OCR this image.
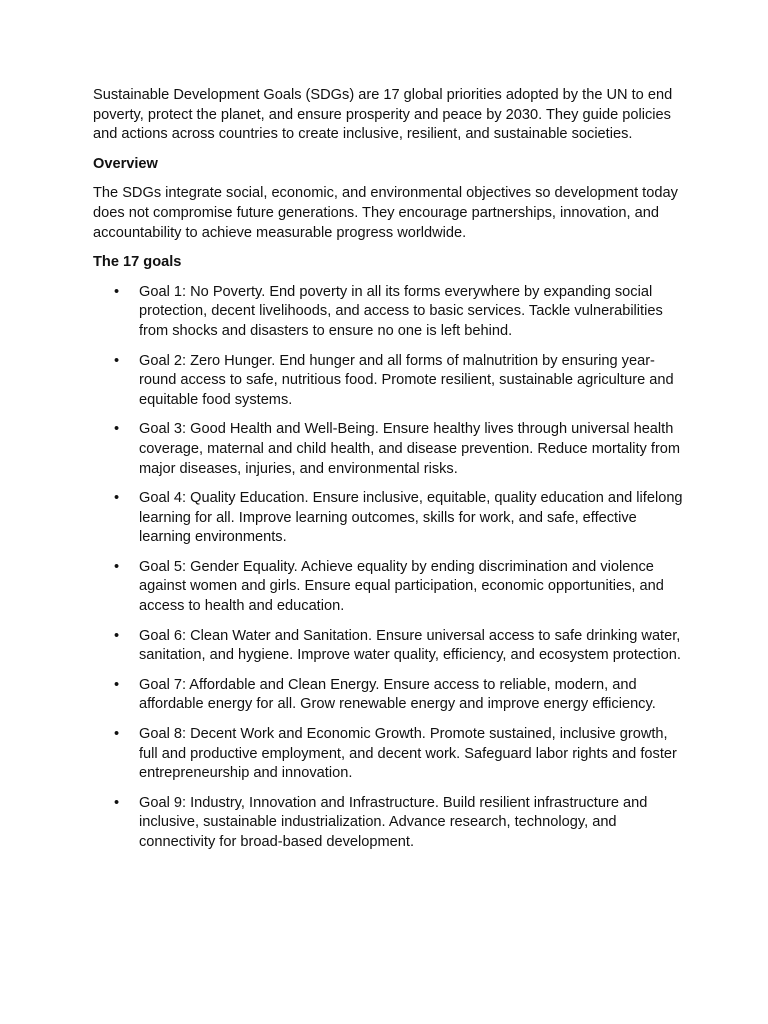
Sustainable Development Goals (SDGs) are 17 global priorities adopted by the UN to end poverty, protect the planet, and ensure prosperity and peace by 2030. They guide policies and actions across countries to create inclusive, resilient, and sustainable societies.

Overview

The SDGs integrate social, economic, and environmental objectives so development today does not compromise future generations. They encourage partnerships, innovation, and accountability to achieve measurable progress worldwide.

The 17 goals

• Goal 1: No Poverty. End poverty in all its forms everywhere by expanding social protection, decent livelihoods, and access to basic services. Tackle vulnerabilities from shocks and disasters to ensure no one is left behind.
• Goal 2: Zero Hunger. End hunger and all forms of malnutrition by ensuring year-round access to safe, nutritious food. Promote resilient, sustainable agriculture and equitable food systems.
• Goal 3: Good Health and Well-Being. Ensure healthy lives through universal health coverage, maternal and child health, and disease prevention. Reduce mortality from major diseases, injuries, and environmental risks.
• Goal 4: Quality Education. Ensure inclusive, equitable, quality education and lifelong learning for all. Improve learning outcomes, skills for work, and safe, effective learning environments.
• Goal 5: Gender Equality. Achieve equality by ending discrimination and violence against women and girls. Ensure equal participation, economic opportunities, and access to health and education.
• Goal 6: Clean Water and Sanitation. Ensure universal access to safe drinking water, sanitation, and hygiene. Improve water quality, efficiency, and ecosystem protection.
• Goal 7: Affordable and Clean Energy. Ensure access to reliable, modern, and affordable energy for all. Grow renewable energy and improve energy efficiency.
• Goal 8: Decent Work and Economic Growth. Promote sustained, inclusive growth, full and productive employment, and decent work. Safeguard labor rights and foster entrepreneurship and innovation.
• Goal 9: Industry, Innovation and Infrastructure. Build resilient infrastructure and inclusive, sustainable industrialization. Advance research, technology, and connectivity for broad-based development.
